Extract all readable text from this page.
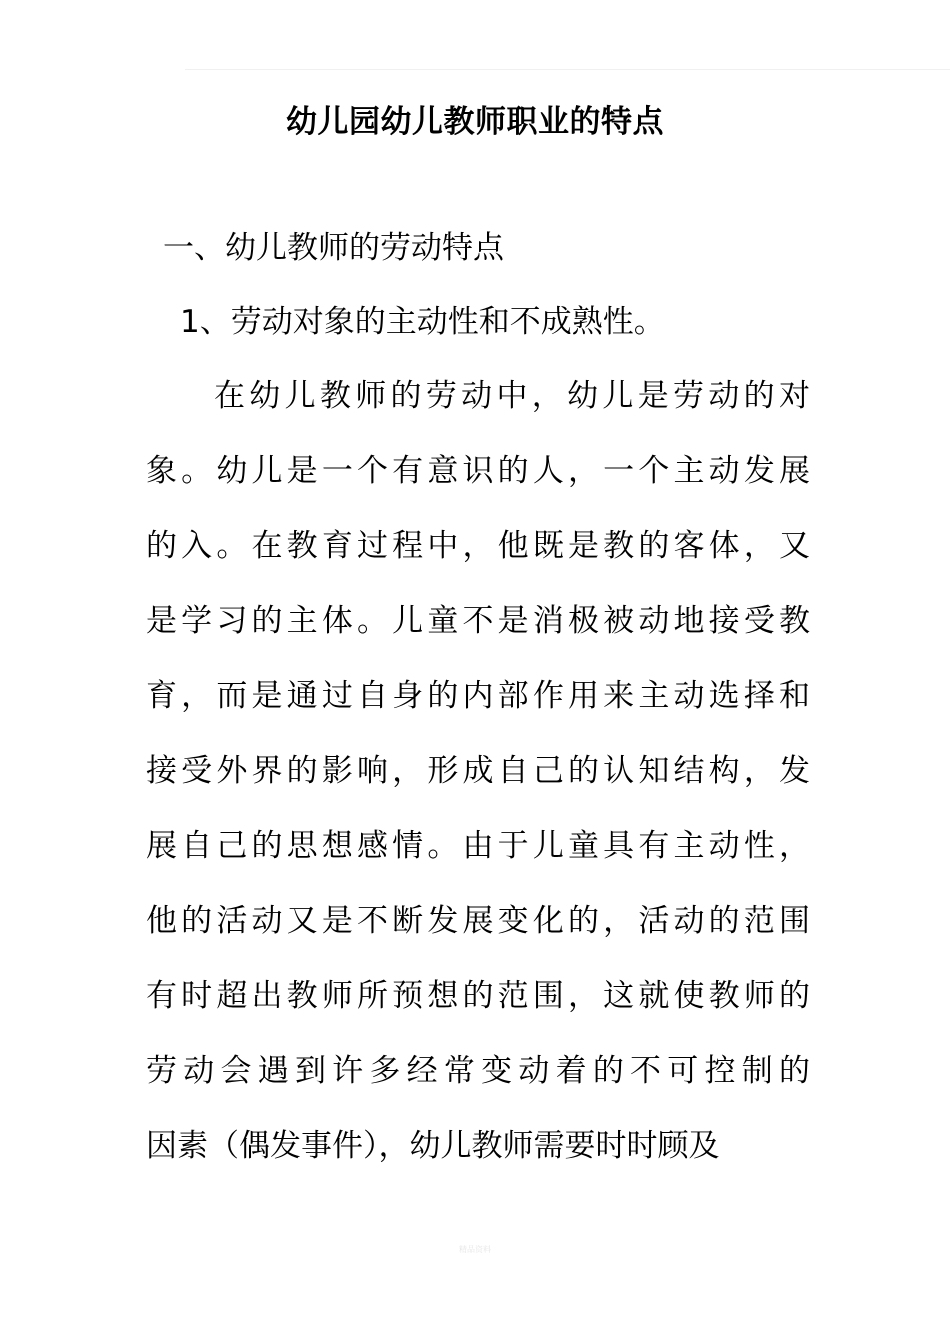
幼儿园幼儿教师职业的特点
一、幼儿教师的劳动特点
1、劳动对象的主动性和不成熟性。
在幼儿教师的劳动中，幼儿是劳动的对
象。幼儿是一个有意识的人，一个主动发展
的入。在教育过程中，他既是教的客体，又
是学习的主体。儿童不是消极被动地接受教
育，而是通过自身的内部作用来主动选择和
接受外界的影响，形成自己的认知结构，发
展自己的思想感情。由于儿童具有主动性，
他的活动又是不断发展变化的，活动的范围
有时超出教师所预想的范围，这就使教师的
劳动会遇到许多经常变动着的不可控制的
因素（偶发事件），幼儿教师需要时时顾及
精品资料
